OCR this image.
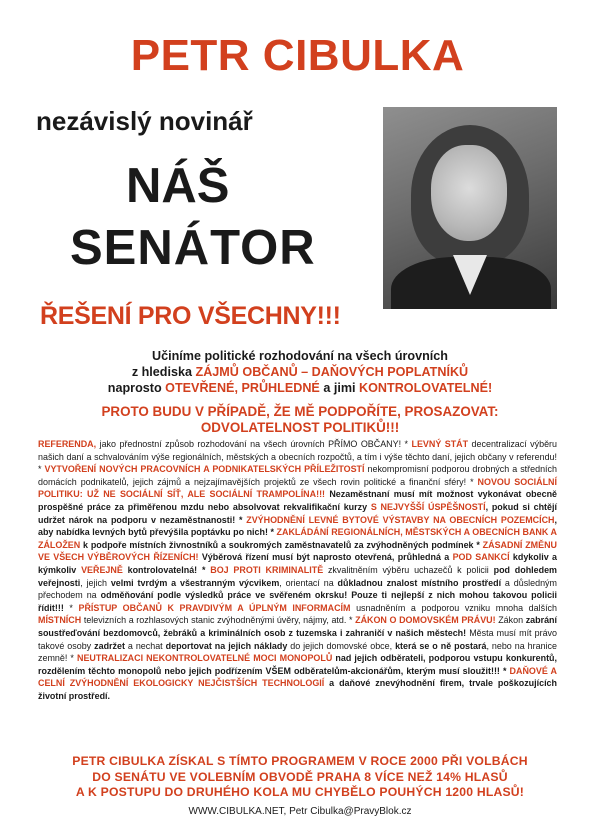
PETR CIBULKA
nezávislý novinář
NÁŠ
SENÁTOR
ŘEŠENÍ PRO VŠECHNY!!!
Učiníme politické rozhodování na všech úrovních
z hlediska ZÁJMŮ OBČANŮ – DAŇOVÝCH POPLATNÍKŮ
naprosto OTEVŘENÉ, PRŮHLEDNÉ a jimi KONTROLOVATELNÉ!
PROTO BUDU V PŘÍPADĚ, ŽE MĚ PODPOŘÍTE, PROSAZOVAT:
ODVOLATELNOST POLITIKŮ!!!
REFERENDA, jako přednostní způsob rozhodování na všech úrovních PŘÍMO OBČANY! * LEVNÝ STÁT decentralizací výběru našich daní a schvalováním výše regionálních, městských a obecních rozpočtů, a tím i výše těchto daní, jejich občany v referendu! * VYTVOŘENÍ NOVÝCH PRACOVNÍCH A PODNIKATELSKÝCH PŘÍLEŽITOSTÍ nekompromisní podporou drobných a středních domácích podnikatelů, jejich zájmů a nejzajímavějších projektů ze všech rovin politické a finanční sféry! * NOVOU SOCIÁLNÍ POLITIKU: UŽ NE SOCIÁLNÍ SÍŤ, ALE SOCIÁLNÍ TRAMPOLÍNA!!! Nezaměstnaní musí mít možnost vykonávat obecně prospěšné práce za přiměřenou mzdu nebo absolvovat rekvalifikační kurzy S NEJVYŠŠÍ ÚSPĚŠNOSTÍ, pokud si chtějí udržet nárok na podporu v nezaměstnanosti! * ZVÝHODNĚNÍ LEVNÉ BYTOVÉ VÝSTAVBY NA OBECNÍCH POZEMCÍCH, aby nabídka levných bytů převýšila poptávku po nich! * ZAKLÁDÁNÍ REGIONÁLNÍCH, MĚSTSKÝCH A OBECNÍCH BANK A ZÁLOŽEN k podpoře místních živnostníků a soukromých zaměstnavatelů za zvýhodněných podmínek * ZÁSADNÍ ZMĚNU VE VŠECH VÝBĚROVÝCH ŘÍZENÍCH! Výběrová řízení musí být naprosto otevřená, průhledná a POD SANKCÍ kdykoliv a kýmkoliv VEŘEJNĚ kontrolovatelná! * BOJ PROTI KRIMINALITĚ zkvalitněním výběru uchazečů k policii pod dohledem veřejnosti, jejich velmi tvrdým a všestranným výcvikem, orientací na důkladnou znalost místního prostředí a důsledným přechodem na odměňování podle výsledků práce ve svěřeném okrsku! Pouze ti nejlepší z nich mohou takovou policii řídit!!! * PŘÍSTUP OBČANŮ K PRAVDIVÝM A ÚPLNÝM INFORMACÍM usnadněním a podporou vzniku mnoha dalších MÍSTNÍCH televizních a rozhlasových stanic zvýhodněnými úvěry, nájmy, atd. * ZÁKON O DOMOVSKÉM PRÁVU! Zákon zabrání soustřeďování bezdomovců, žebráků a kriminálních osob z tuzemska i zahraničí v našich městech! Města musí mít právo takové osoby zadržet a nechat deportovat na jejich náklady do jejich domovské obce, která se o ně postará, nebo na hranice zemně! * NEUTRALIZACI NEKONTROLOVATELNÉ MOCI MONOPOLŮ nad jejich odběrateli, podporou vstupu konkurentů, rozdělením těchto monopolů nebo jejich podřízením VŠEM odběratelům-akcionářům, kterým musí sloužit!!! * DAŇOVÉ A CELNÍ ZVÝHODNĚNÍ EKOLOGICKY NEJČISTŠÍCH TECHNOLOGIÍ a daňové znevýhodnění firem, trvale poškozujících životní prostředí.
PETR CIBULKA ZÍSKAL S TÍMTO PROGRAMEM V ROCE 2000 PŘI VOLBÁCH
DO SENÁTU VE VOLEBNÍM OBVODĚ PRAHA 8 VÍCE NEŽ 14% HLASŮ
A K POSTUPU DO DRUHÉHO KOLA MU CHYBĚLO POUHÝCH 1200 HLASŮ!
WWW.CIBULKA.NET, Petr Cibulka@PravyBlok.cz
